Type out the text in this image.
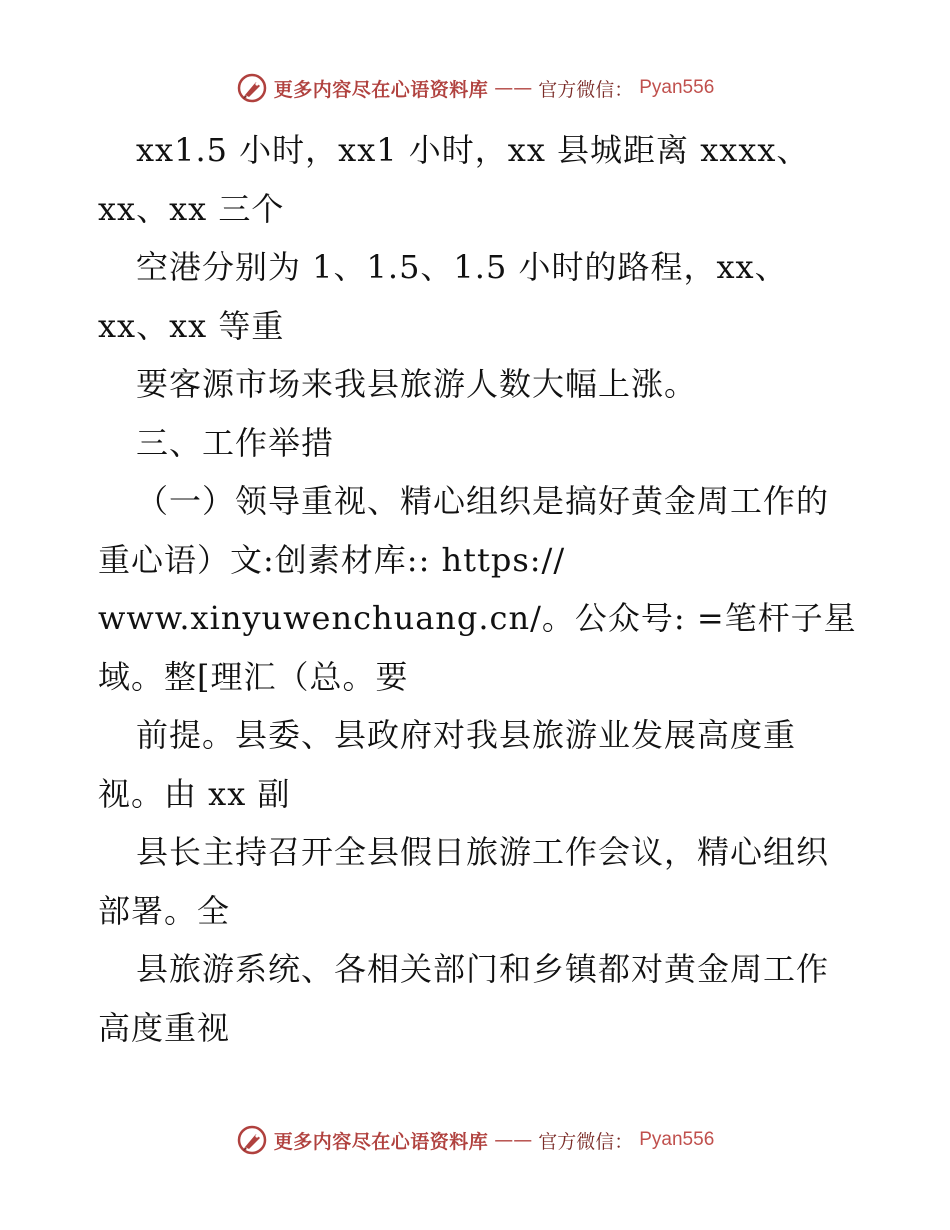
更多内容尽在心语资料库 —— 官方微信： Pyan556
xx1.5 小时，xx1 小时，xx 县城距离 xxxx、
xx、xx 三个
空港分别为 1、1.5、1.5 小时的路程，xx、
xx、xx 等重
要客源市场来我县旅游人数大幅上涨。
三、工作举措
（一）领导重视、精心组织是搞好黄金周工作的
重心语）文:创素材库:: https://
www.xinyuwenchuang.cn/。公众号: =笔杆子星
域。整[理汇（总。要
前提。县委、县政府对我县旅游业发展高度重
视。由 xx 副
县长主持召开全县假日旅游工作会议，精心组织
部署。全
县旅游系统、各相关部门和乡镇都对黄金周工作
高度重视
更多内容尽在心语资料库 —— 官方微信： Pyan556
